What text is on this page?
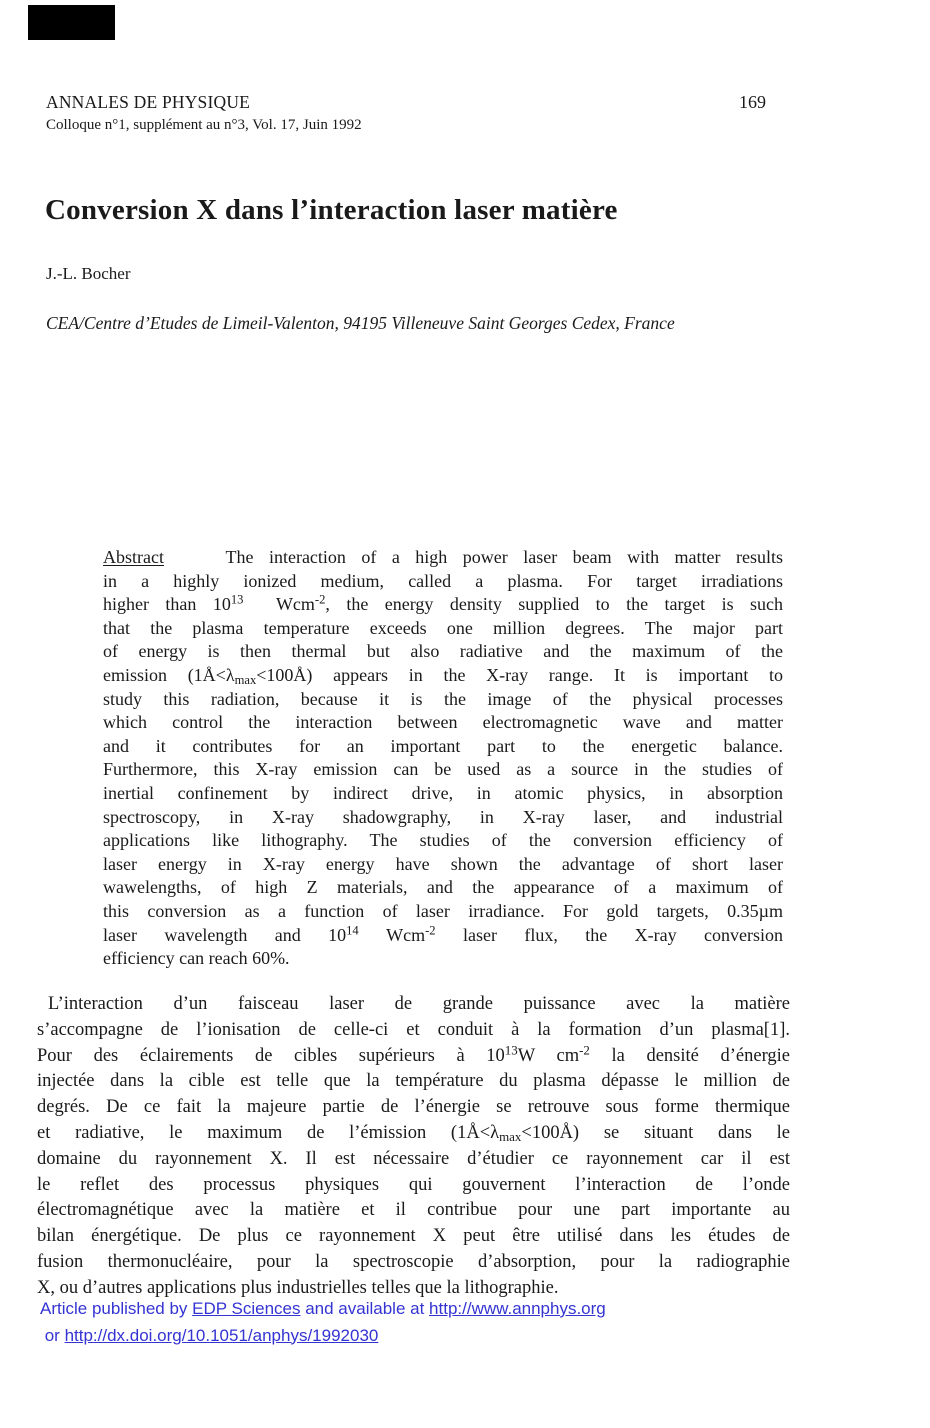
ANNALES DE PHYSIQUE
Colloque n°1, supplément au n°3, Vol. 17, Juin 1992
169
Conversion X dans l’interaction laser matière
J.-L. Bocher
CEA/Centre d’Etudes de Limeil-Valenton, 94195 Villeneuve Saint Georges Cedex, France
Abstract    The interaction of a high power laser beam with matter results
in a highly ionized medium, called a plasma. For target irradiations
higher than $10^{13}$  Wcm$^{-2}$, the energy density supplied to the target is such
that the plasma temperature exceeds one million degrees. The major part
of energy is then thermal but also radiative and the maximum of the
emission $(1Å<\lambda_{max}<100Å)$ appears in the X-ray range. It is important to
study this radiation, because it is the image of the physical processes
which control the interaction between electromagnetic wave and matter
and it contributes for an important part to the energetic balance.
Furthermore, this X-ray emission can be used as a source in the studies of
inertial confinement by indirect drive, in atomic physics, in absorption
spectroscopy, in X-ray shadowgraphy, in X-ray laser, and industrial
applications like lithography. The studies of the conversion efficiency of
laser energy in X-ray energy have shown the advantage of short laser
wawelengths, of high Z materials, and the appearance of a maximum of
this conversion as a function of laser irradiance. For gold targets, 0.35µm
laser wavelength and $10^{14}$ Wcm$^{-2}$ laser flux, the X-ray conversion
efficiency can reach 60%.
L’interaction d’un faisceau laser de grande puissance avec la matière
s’accompagne de l’ionisation de celle-ci et conduit à la formation d’un plasma[1].
Pour des éclairements de cibles supérieurs à $10^{13}W$ $cm^{-2}$ la densité d’énergie
injectée dans la cible est telle que la température du plasma dépasse le million de
degrés. De ce fait la majeure partie de l’énergie se retrouve sous forme thermique
et radiative, le maximum de l’émission $(1Å<\lambda_{max}<100Å)$ se situant dans le
domaine du rayonnement X. Il est nécessaire d’étudier ce rayonnement car il est
le reflet des processus physiques qui gouvernent l’interaction de l’onde
électromagnétique avec la matière et il contribue pour une part importante au
bilan énergétique. De plus ce rayonnement X peut être utilisé dans les études de
fusion thermonucléaire, pour la spectroscopie d’absorption, pour la radiographie
X, ou d’autres applications plus industrielles telles que la lithographie.
Article published by EDP Sciences and available at http://www.annphys.org
or http://dx.doi.org/10.1051/anphys/1992030
